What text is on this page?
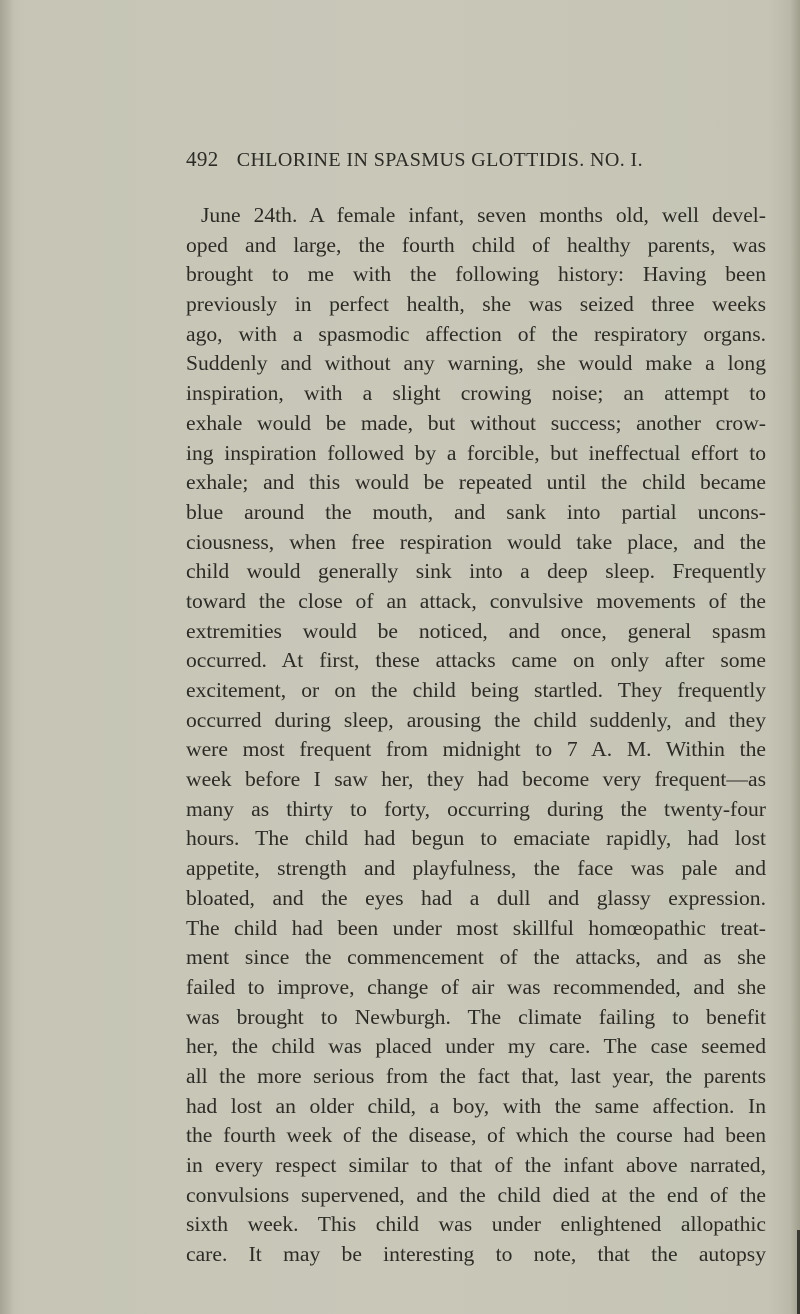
492 CHLORINE IN SPASMUS GLOTTIDIS. NO. I.
June 24th. A female infant, seven months old, well devel-
oped and large, the fourth child of healthy parents, was
brought to me with the following history: Having been
previously in perfect health, she was seized three weeks
ago, with a spasmodic affection of the respiratory organs.
Suddenly and without any warning, she would make a long
inspiration, with a slight crowing noise; an attempt to
exhale would be made, but without success; another crow-
ing inspiration followed by a forcible, but ineffectual effort to
exhale; and this would be repeated until the child became
blue around the mouth, and sank into partial uncons-
ciousness, when free respiration would take place, and the
child would generally sink into a deep sleep. Frequently
toward the close of an attack, convulsive movements of the
extremities would be noticed, and once, general spasm
occurred. At first, these attacks came on only after some
excitement, or on the child being startled. They frequently
occurred during sleep, arousing the child suddenly, and they
were most frequent from midnight to 7 A. M. Within the
week before I saw her, they had become very frequent—as
many as thirty to forty, occurring during the twenty-four
hours. The child had begun to emaciate rapidly, had lost
appetite, strength and playfulness, the face was pale and
bloated, and the eyes had a dull and glassy expression.
The child had been under most skillful homœopathic treat-
ment since the commencement of the attacks, and as she
failed to improve, change of air was recommended, and she
was brought to Newburgh. The climate failing to benefit
her, the child was placed under my care. The case seemed
all the more serious from the fact that, last year, the parents
had lost an older child, a boy, with the same affection. In
the fourth week of the disease, of which the course had been
in every respect similar to that of the infant above narrated,
convulsions supervened, and the child died at the end of the
sixth week. This child was under enlightened allopathic
care. It may be interesting to note, that the autopsy
